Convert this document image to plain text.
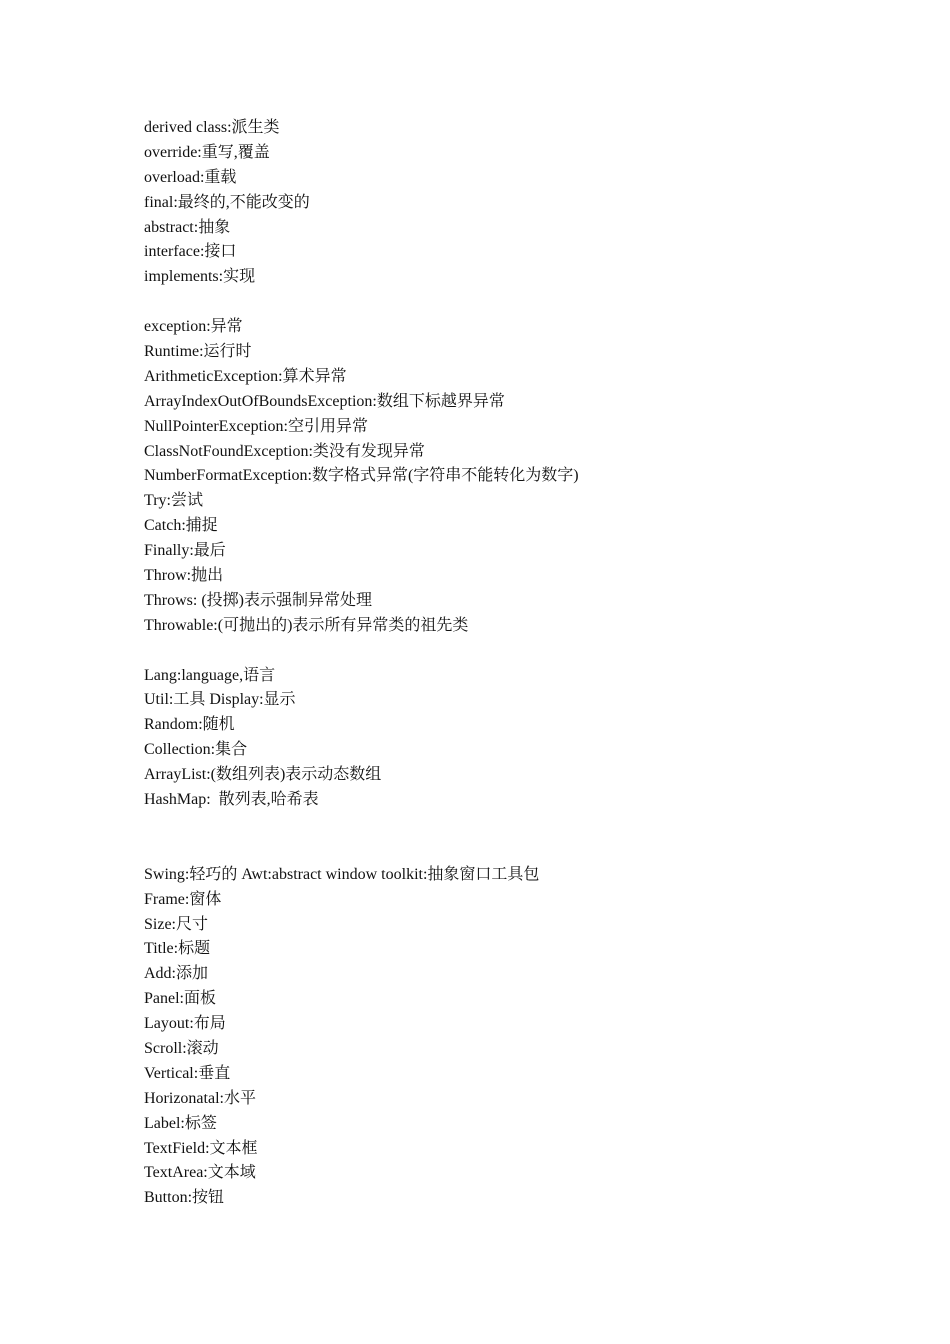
derived class:派生类
override:重写,覆盖
overload:重载
final:最终的,不能改变的
abstract:抽象
interface:接口
implements:实现
exception:异常
Runtime:运行时
ArithmeticException:算术异常
ArrayIndexOutOfBoundsException:数组下标越界异常
NullPointerException:空引用异常
ClassNotFoundException:类没有发现异常
NumberFormatException:数字格式异常(字符串不能转化为数字)
Try:尝试
Catch:捕捉
Finally:最后
Throw:抛出
Throws: (投掷)表示强制异常处理
Throwable:(可抛出的)表示所有异常类的祖先类
Lang:language,语言
Util:工具 Display:显示
Random:随机
Collection:集合
ArrayList:(数组列表)表示动态数组
HashMap:  散列表,哈希表
Swing:轻巧的 Awt:abstract window toolkit:抽象窗口工具包
Frame:窗体
Size:尺寸
Title:标题
Add:添加
Panel:面板
Layout:布局
Scroll:滚动
Vertical:垂直
Horizonatal:水平
Label:标签
TextField:文本框
TextArea:文本域
Button:按钮
